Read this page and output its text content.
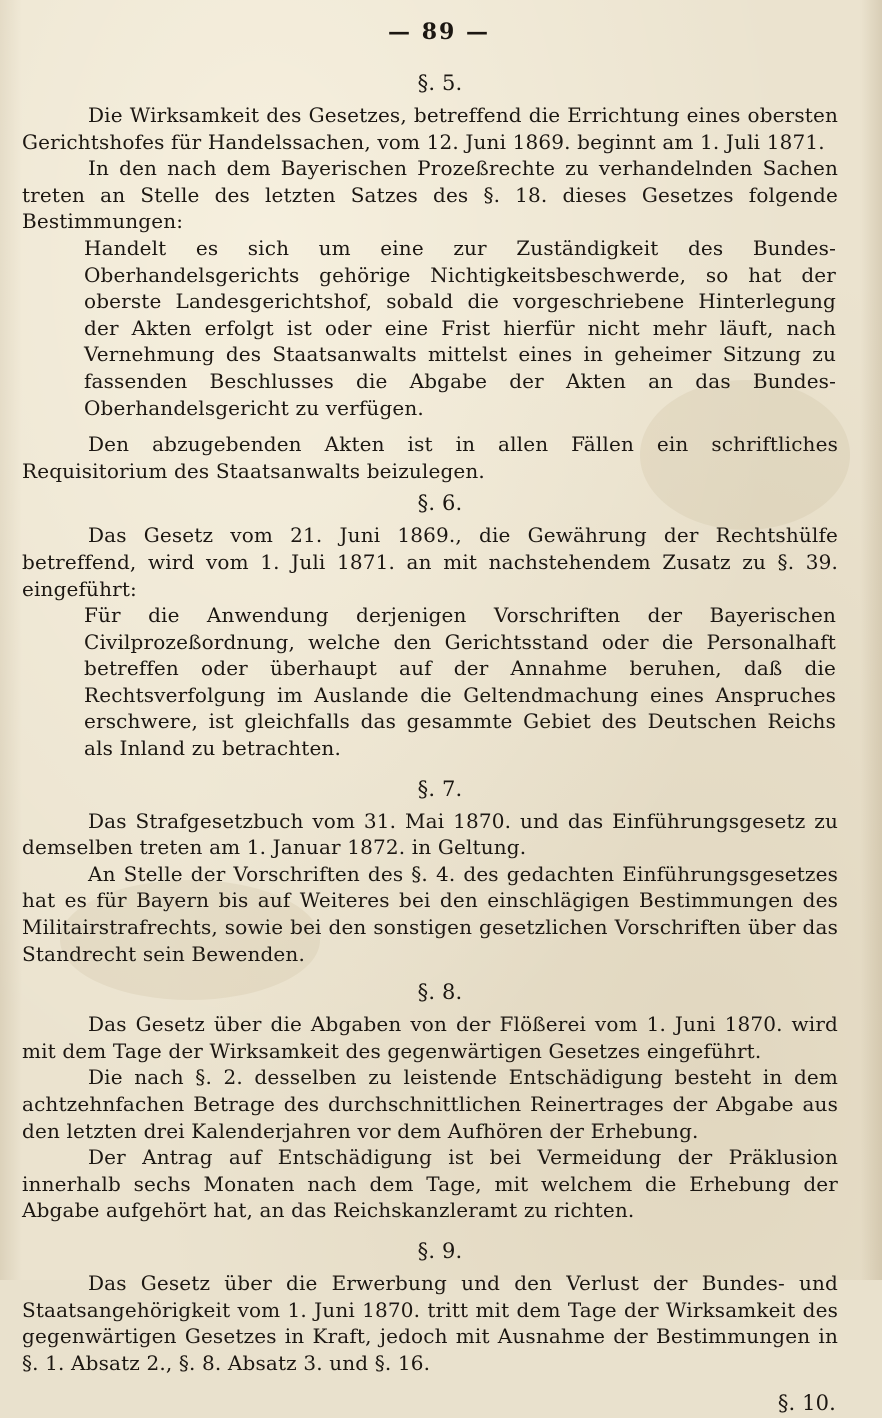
— 89 —
§. 5.

Die Wirksamkeit des Gesetzes, betreffend die Errichtung eines obersten Gerichtshofes für Handelssachen, vom 12. Juni 1869. beginnt am 1. Juli 1871.

In den nach dem Bayerischen Prozeßrechte zu verhandelnden Sachen treten an Stelle des letzten Satzes des §. 18. dieses Gesetzes folgende Bestimmungen:

Handelt es sich um eine zur Zuständigkeit des Bundes-Oberhandelsgerichts gehörige Nichtigkeitsbeschwerde, so hat der oberste Landesgerichtshof, sobald die vorgeschriebene Hinterlegung der Akten erfolgt ist oder eine Frist hierfür nicht mehr läuft, nach Vernehmung des Staatsanwalts mittelst eines in geheimer Sitzung zu fassenden Beschlusses die Abgabe der Akten an das Bundes-Oberhandelsgericht zu verfügen.

Den abzugebenden Akten ist in allen Fällen ein schriftliches Requisitorium des Staatsanwalts beizulegen.

§. 6.

Das Gesetz vom 21. Juni 1869., die Gewährung der Rechtshülfe betreffend, wird vom 1. Juli 1871. an mit nachstehendem Zusatz zu §. 39. eingeführt:

Für die Anwendung derjenigen Vorschriften der Bayerischen Civilprozeßordnung, welche den Gerichtsstand oder die Personalhaft betreffen oder überhaupt auf der Annahme beruhen, daß die Rechtsverfolgung im Auslande die Geltendmachung eines Anspruches erschwere, ist gleichfalls das gesammte Gebiet des Deutschen Reichs als Inland zu betrachten.

§. 7.

Das Strafgesetzbuch vom 31. Mai 1870. und das Einführungsgesetz zu demselben treten am 1. Januar 1872. in Geltung.

An Stelle der Vorschriften des §. 4. des gedachten Einführungsgesetzes hat es für Bayern bis auf Weiteres bei den einschlägigen Bestimmungen des Militairstrafrechts, sowie bei den sonstigen gesetzlichen Vorschriften über das Standrecht sein Bewenden.

§. 8.

Das Gesetz über die Abgaben von der Flößerei vom 1. Juni 1870. wird mit dem Tage der Wirksamkeit des gegenwärtigen Gesetzes eingeführt.

Die nach §. 2. desselben zu leistende Entschädigung besteht in dem achtzehnfachen Betrage des durchschnittlichen Reinertrages der Abgabe aus den letzten drei Kalenderjahren vor dem Aufhören der Erhebung.

Der Antrag auf Entschädigung ist bei Vermeidung der Präklusion innerhalb sechs Monaten nach dem Tage, mit welchem die Erhebung der Abgabe aufgehört hat, an das Reichskanzleramt zu richten.

§. 9.

Das Gesetz über die Erwerbung und den Verlust der Bundes- und Staatsangehörigkeit vom 1. Juni 1870. tritt mit dem Tage der Wirksamkeit des gegenwärtigen Gesetzes in Kraft, jedoch mit Ausnahme der Bestimmungen in §. 1. Absatz 2., §. 8. Absatz 3. und §. 16.

§. 10.
